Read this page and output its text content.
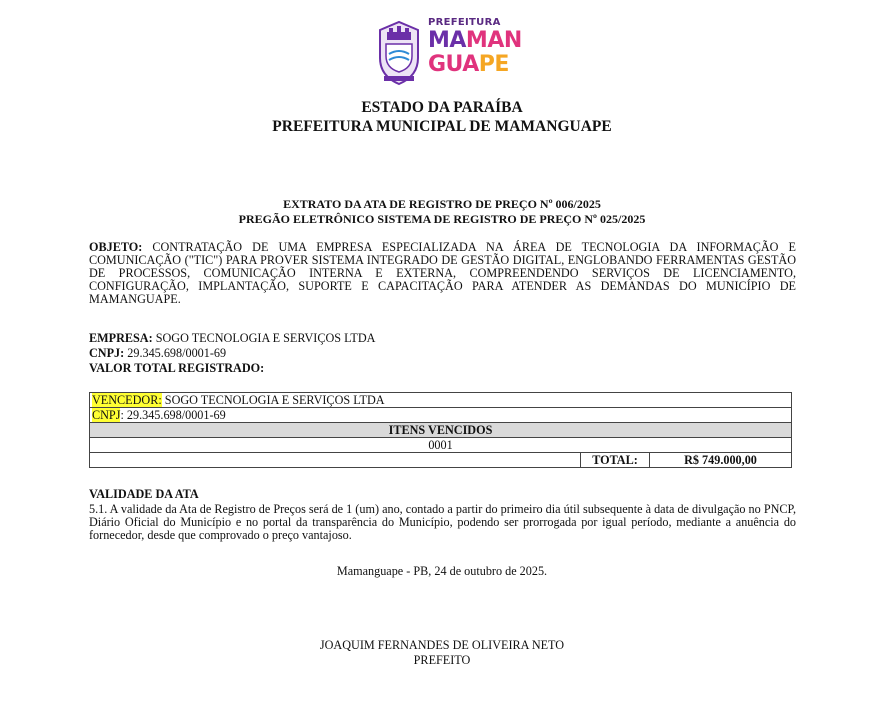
PREFEITURA
MAMAN
GUAPE
ESTADO DA PARAÍBA
PREFEITURA MUNICIPAL DE MAMANGUAPE
EXTRATO DA ATA DE REGISTRO DE PREÇO Nº 006/2025
PREGÃO ELETRÔNICO SISTEMA DE REGISTRO DE PREÇO Nº 025/2025
OBJETO: CONTRATAÇÃO DE UMA EMPRESA ESPECIALIZADA NA ÁREA DE TECNOLOGIA DA INFORMAÇÃO E COMUNICAÇÃO ("TIC") PARA PROVER SISTEMA INTEGRADO DE GESTÃO DIGITAL, ENGLOBANDO FERRAMENTAS GESTÃO DE PROCESSOS, COMUNICAÇÃO INTERNA E EXTERNA, COMPREENDENDO SERVIÇOS DE LICENCIAMENTO, CONFIGURAÇÃO, IMPLANTAÇÃO, SUPORTE E CAPACITAÇÃO PARA ATENDER AS DEMANDAS DO MUNICÍPIO DE MAMANGUAPE.
EMPRESA: SOGO TECNOLOGIA E SERVIÇOS LTDA
CNPJ: 29.345.698/0001-69
VALOR TOTAL REGISTRADO:
VENCEDOR: SOGO TECNOLOGIA E SERVIÇOS LTDA
CNPJ: 29.345.698/0001-69
ITENS VENCIDOS
0001
	TOTAL:	R$ 749.000,00
VALIDADE DA ATA
5.1. A validade da Ata de Registro de Preços será de 1 (um) ano, contado a partir do primeiro dia útil subsequente à data de divulgação no PNCP, Diário Oficial do Município e no portal da transparência do Município, podendo ser prorrogada por igual período, mediante a anuência do fornecedor, desde que comprovado o preço vantajoso.
Mamanguape - PB, 24 de outubro de 2025.
JOAQUIM FERNANDES DE OLIVEIRA NETO
PREFEITO
